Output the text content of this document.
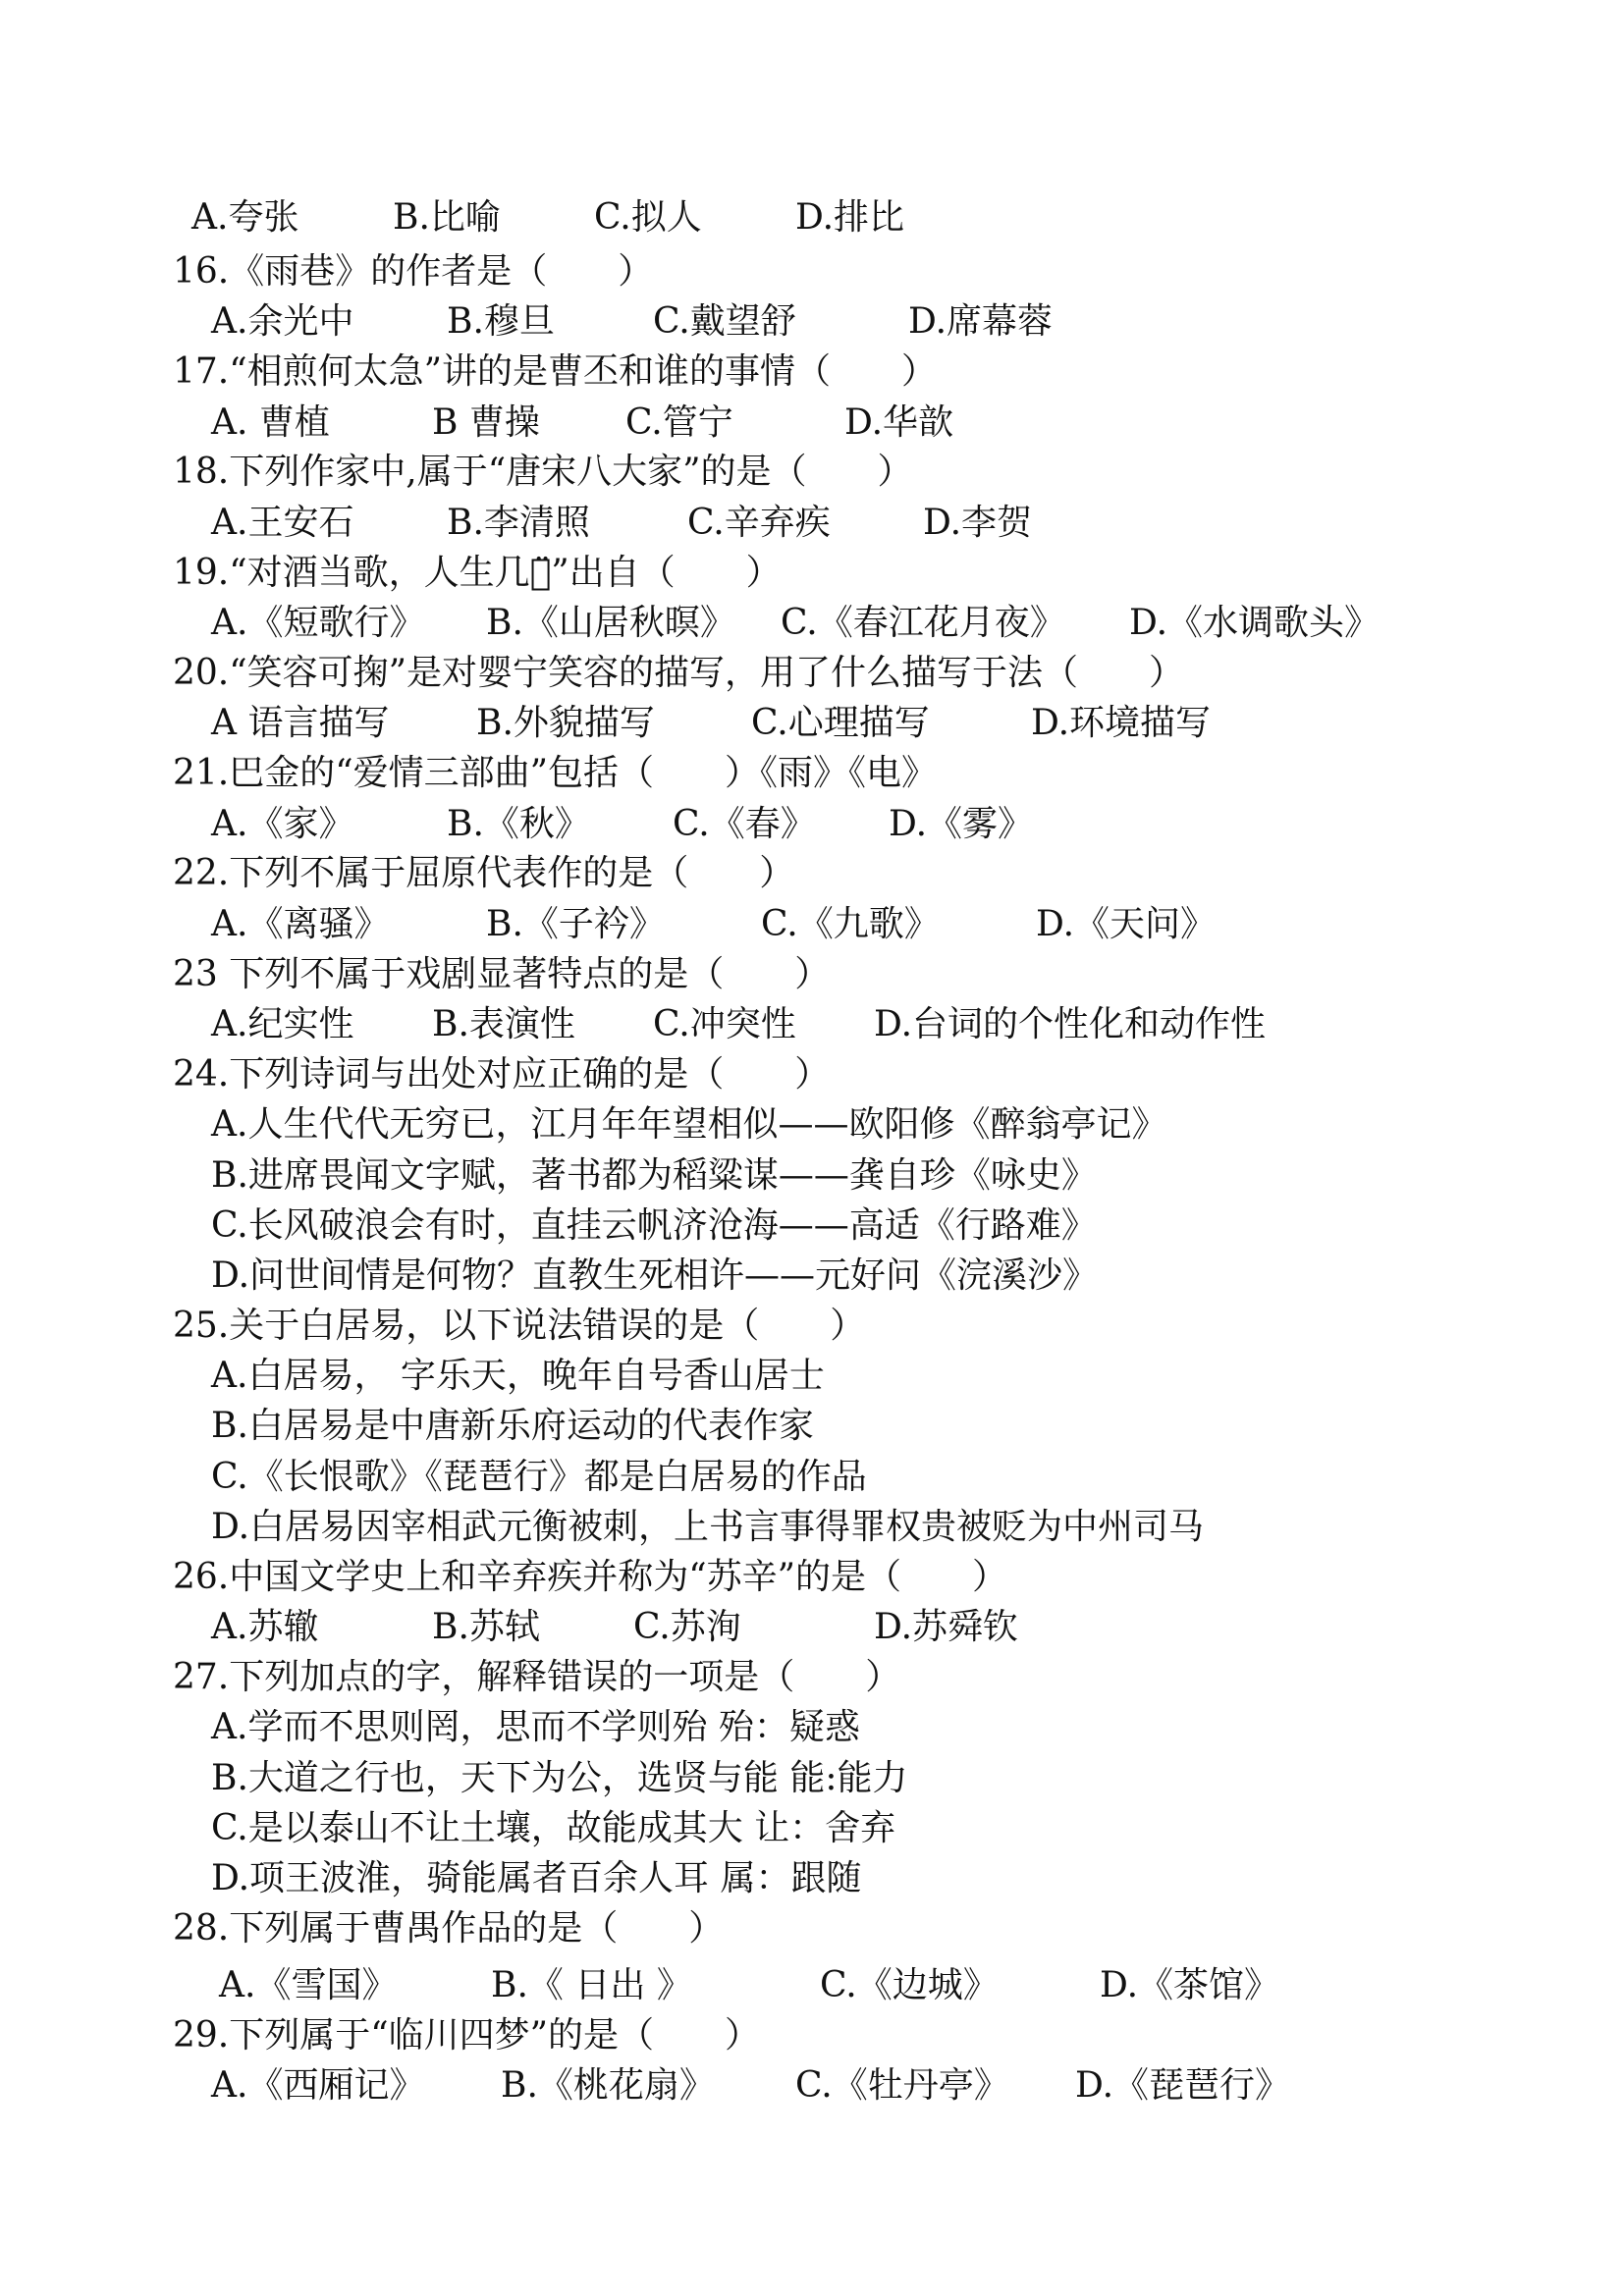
A.夸张	B.比喻	C.拟人	D.排比
16.《雨巷》的作者是（　　）
A.余光中	B.穆旦	C.戴望舒	D.席幕蓉
17.“相煎何太急”讲的是曹丕和谁的事情（　　）
A. 曹植	B 曹操 C.管宁	D.华歆
18.下列作家中,属于“唐宋八大家”的是（　　）
A.王安石	B.李清照	C.辛弃疾	D.李贺
19.“对酒当歌，人生几何̈”出自（　　）
A.《短歌行》 B.《山居秋暝》 C.《春江花月夜》 D.《水调歌头》
20.“笑容可掬”是对婴宁笑容的描写，用了什么描写于法（　　）
A 语言描写 B.外貌描写	C.心理描写	D.环境描写
21.巴金的“爱情三部曲”包括（　　）《雨》《电》
A.《家》	B.《秋》 C.《春》 D.《雾》
22.下列不属于屈原代表作的是（　　）
A.《离骚》	B.《子衿》	C.《九歌》	D.《天问》
23 下列不属于戏剧显著特点的是（　　）
A.纪实性 B.表演性 C.冲突性 D.台词的个性化和动作性
24.下列诗词与出处对应正确的是（　　）
A.人生代代无穷已，江月年年望相似——欧阳修《醉翁亭记》
B.进席畏闻文字赋，著书都为稻粱谋——龚自珍《咏史》
C.长风破浪会有时，直挂云帆济沧海——高适《行路难》
D.问世间情是何物？直教生死相许——元好问《浣溪沙》
25.关于白居易，以下说法错误的是（　　）
A.白居易， 字乐天，晚年自号香山居士
B.白居易是中唐新乐府运动的代表作家
C.《长恨歌》《琵琶行》都是白居易的作品
D.白居易因宰相武元衡被刺，上书言事得罪权贵被贬为中州司马
26.中国文学史上和辛弃疾并称为“苏辛”的是（　　）
A.苏辙	B.苏轼	C.苏洵	D.苏舜钦
27.下列加点的字，解释错误的一项是（　　）
A.学而不思则罔，思而不学则殆 殆：疑惑
B.大道之行也，天下为公，选贤与能 能:能力
C.是以泰山不让土壤，故能成其大 让：舍弃
D.项王波淮，骑能属者百余人耳 属：跟随
28.下列属于曹禺作品的是（　　）
A.《雪国》	B.《 日出 》	C.《边城》	D.《茶馆》
29.下列属于“临川四梦”的是（　　）
A.《西厢记》 B.《桃花扇》 C.《牡丹亭》 D.《琵琶行》
